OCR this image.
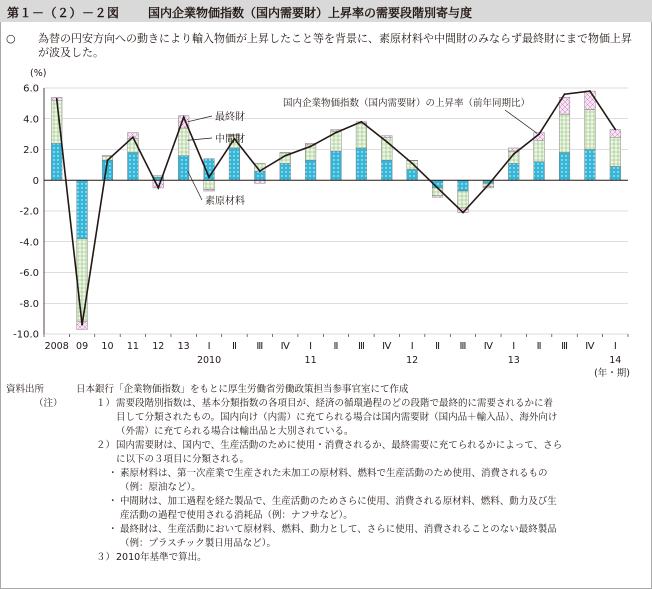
第１－（２）－２図 国内企業物価指数（国内需要財）上昇率の需要段階別寄与度
○	為替の円安方向への動きにより輸入物価が上昇したこと等を背景に、素原材料や中間財のみならず最終財にまで物価上昇が波及した。
6.0
4.0
2.0
0
-2.0
-4.0
-6.0
-8.0
-10.0
(%)
2008 09 10 11 12 13 Ⅰ Ⅱ Ⅲ Ⅳ Ⅰ Ⅱ Ⅲ Ⅳ Ⅰ Ⅱ Ⅲ Ⅳ Ⅰ Ⅱ Ⅲ Ⅳ Ⅰ
2010	11	12	13	14
(年・期)
最終財
中間財
素原材料
国内企業物価指数（国内需要財）の上昇率（前年同期比）
資料出所	日本銀行「企業物価指数」をもとに厚生労働省労働政策担当参事官室にて作成
（注）	１） 需要段階別指数は、基本分類指数の各項目が、経済の循環過程のどの段階で最終的に需要されるかに着
目して分類されたもの。国内向け（内需）に充てられる場合は国内需要財（国内品＋輸入品）、海外向け
（外需）に充てられる場合は輸出品と大別されている。
２） 国内需要財は、国内で、生産活動のために使用・消費されるか、最終需要に充てられるかによって、さら
に以下の３項目に分類される。
・ 素原材料は、第一次産業で生産された未加工の原材料、燃料で生産活動のため使用、消費されるもの
（例：原油など）。
・ 中間財は、加工過程を経た製品で、生産活動のためさらに使用、消費される原材料、燃料、動力及び生
産活動の過程で使用される消耗品（例：ナフサなど）。
・ 最終財は、生産活動において原材料、燃料、動力として、さらに使用、消費されることのない最終製品
（例：プラスチック製日用品など）。
３） 2010年基準で算出。
